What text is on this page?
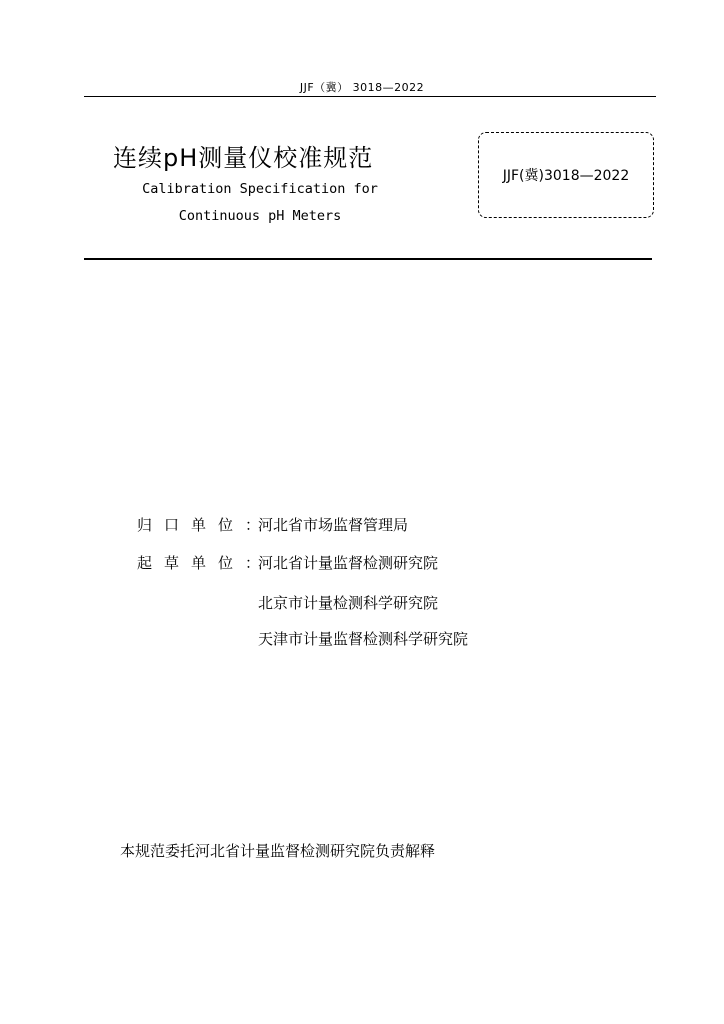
JJF（冀） 3018—2022
连续pH测量仪校准规范
Calibration Specification for
Continuous pH Meters
JJF(冀)3018—2022
归口单位：
河北省市场监督管理局
起草单位：
河北省计量监督检测研究院
北京市计量检测科学研究院
天津市计量监督检测科学研究院
本规范委托河北省计量监督检测研究院负责解释
